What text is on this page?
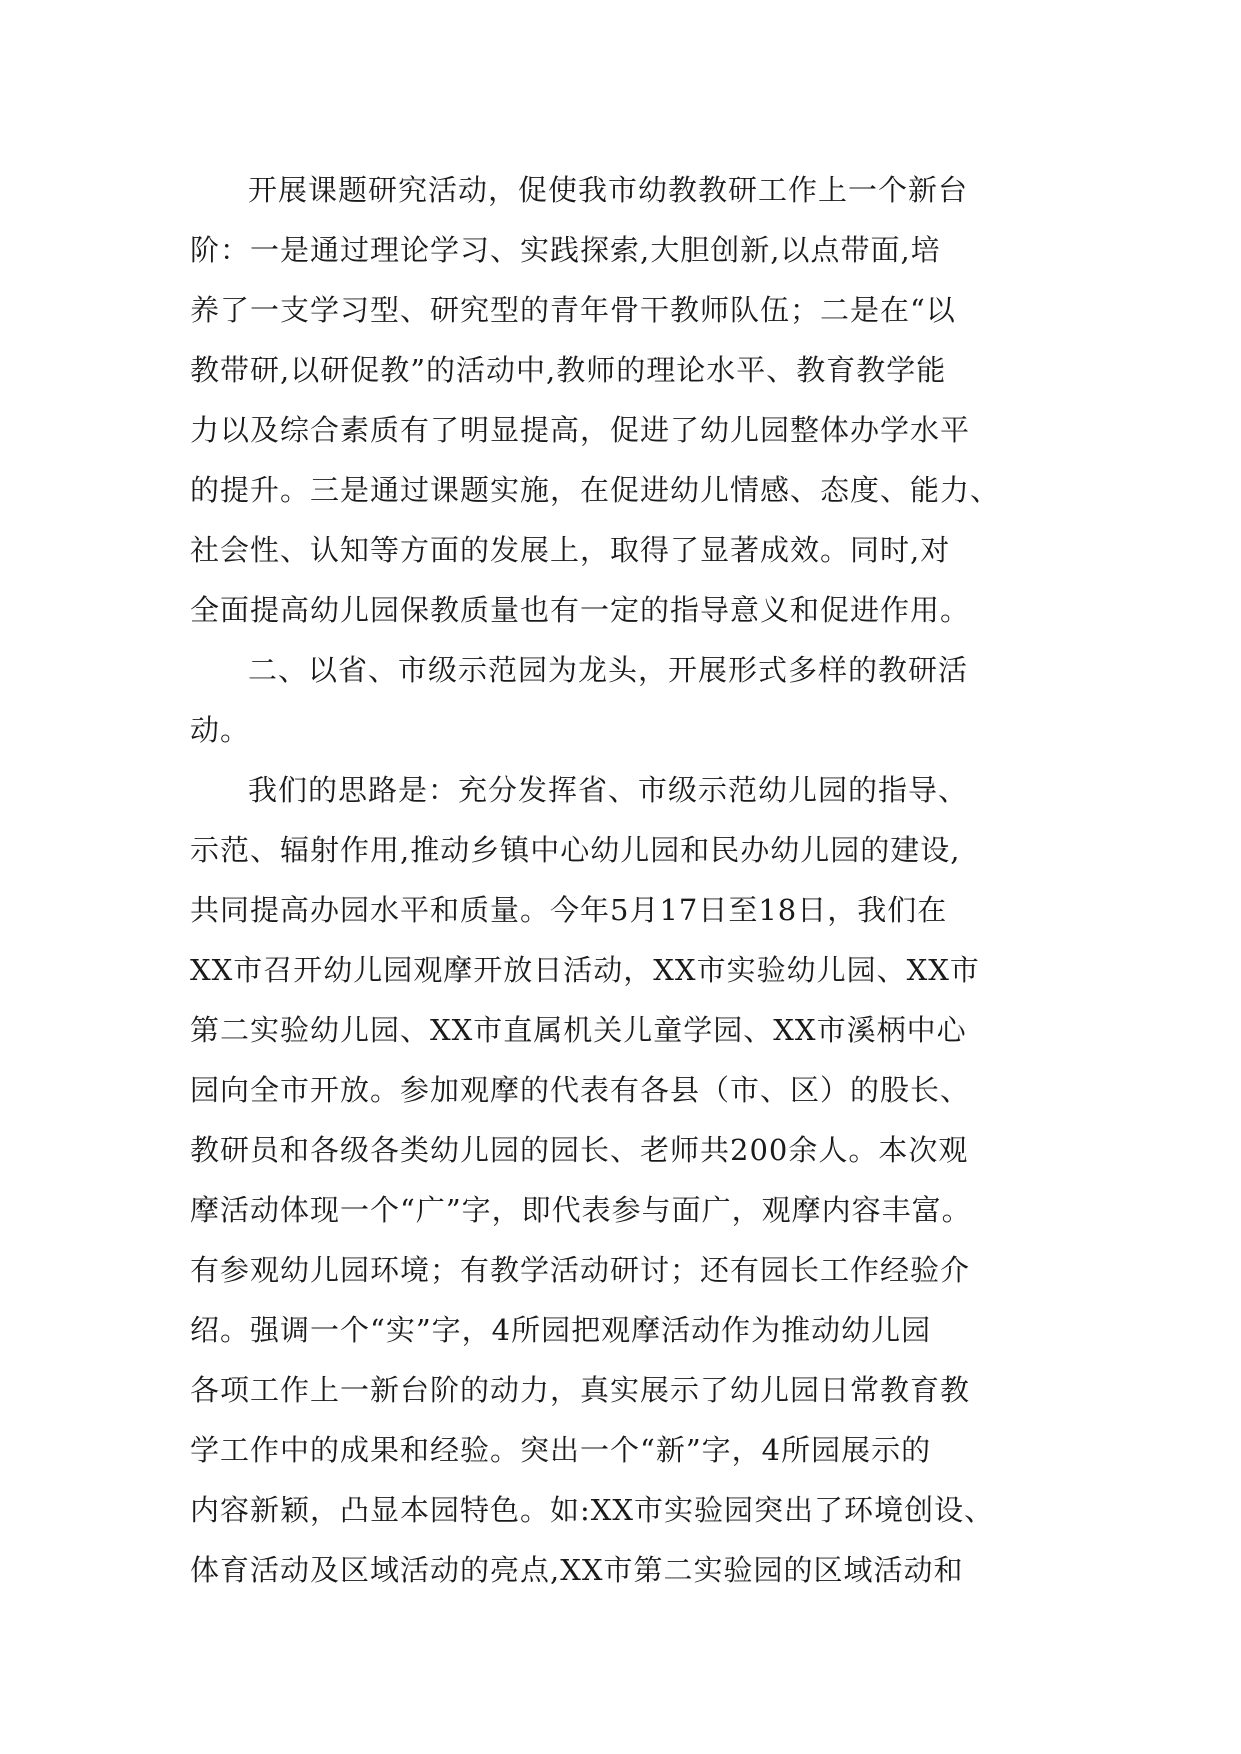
开展课题研究活动，促使我市幼教教研工作上一个新台
阶：一是通过理论学习、实践探索,大胆创新,以点带面,培
养了一支学习型、研究型的青年骨干教师队伍；二是在“以
教带研,以研促教”的活动中,教师的理论水平、教育教学能
力以及综合素质有了明显提高，促进了幼儿园整体办学水平
的提升。三是通过课题实施，在促进幼儿情感、态度、能力、
社会性、认知等方面的发展上，取得了显著成效。同时,对
全面提高幼儿园保教质量也有一定的指导意义和促进作用。
二、以省、市级示范园为龙头，开展形式多样的教研活
动。
我们的思路是：充分发挥省、市级示范幼儿园的指导、
示范、辐射作用,推动乡镇中心幼儿园和民办幼儿园的建设,
共同提高办园水平和质量。今年5月17日至18日，我们在
XX市召开幼儿园观摩开放日活动，XX市实验幼儿园、XX市
第二实验幼儿园、XX市直属机关儿童学园、XX市溪柄中心
园向全市开放。参加观摩的代表有各县（市、区）的股长、
教研员和各级各类幼儿园的园长、老师共200余人。本次观
摩活动体现一个“广”字，即代表参与面广，观摩内容丰富。
有参观幼儿园环境；有教学活动研讨；还有园长工作经验介
绍。强调一个“实”字，4所园把观摩活动作为推动幼儿园
各项工作上一新台阶的动力，真实展示了幼儿园日常教育教
学工作中的成果和经验。突出一个“新”字，4所园展示的
内容新颖，凸显本园特色。如:XX市实验园突出了环境创设、
体育活动及区域活动的亮点,XX市第二实验园的区域活动和
